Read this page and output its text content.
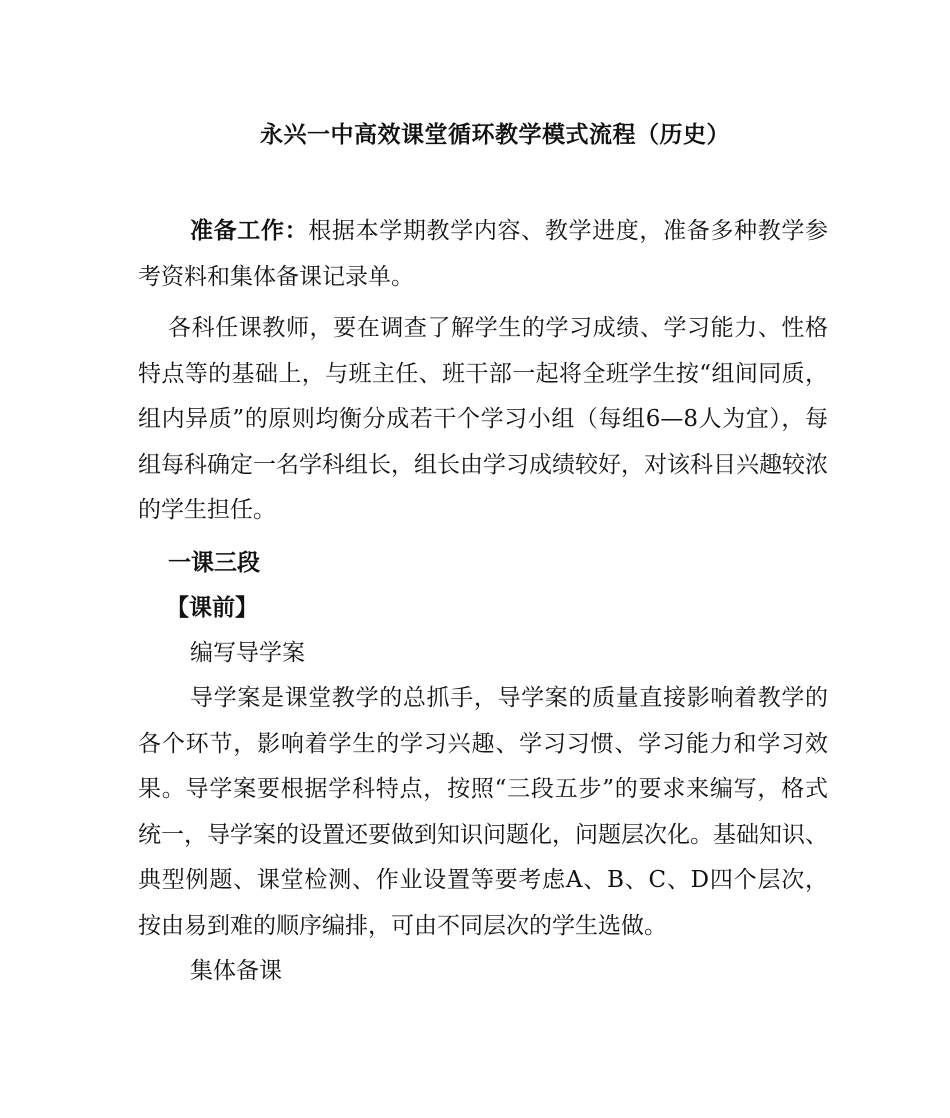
永兴一中高效课堂循环教学模式流程（历史）

准备工作：根据本学期教学内容、教学进度，准备多种教学参考资料和集体备课记录单。

各科任课教师，要在调查了解学生的学习成绩、学习能力、性格特点等的基础上，与班主任、班干部一起将全班学生按“组间同质，组内异质”的原则均衡分成若干个学习小组（每组6—8人为宜），每组每科确定一名学科组长，组长由学习成绩较好，对该科目兴趣较浓的学生担任。

一课三段

【课前】

编写导学案

导学案是课堂教学的总抓手，导学案的质量直接影响着教学的各个环节，影响着学生的学习兴趣、学习习惯、学习能力和学习效果。导学案要根据学科特点，按照“三段五步”的要求来编写，格式统一，导学案的设置还要做到知识问题化，问题层次化。基础知识、典型例题、课堂检测、作业设置等要考虑A、B、C、D四个层次，按由易到难的顺序编排，可由不同层次的学生选做。

集体备课
